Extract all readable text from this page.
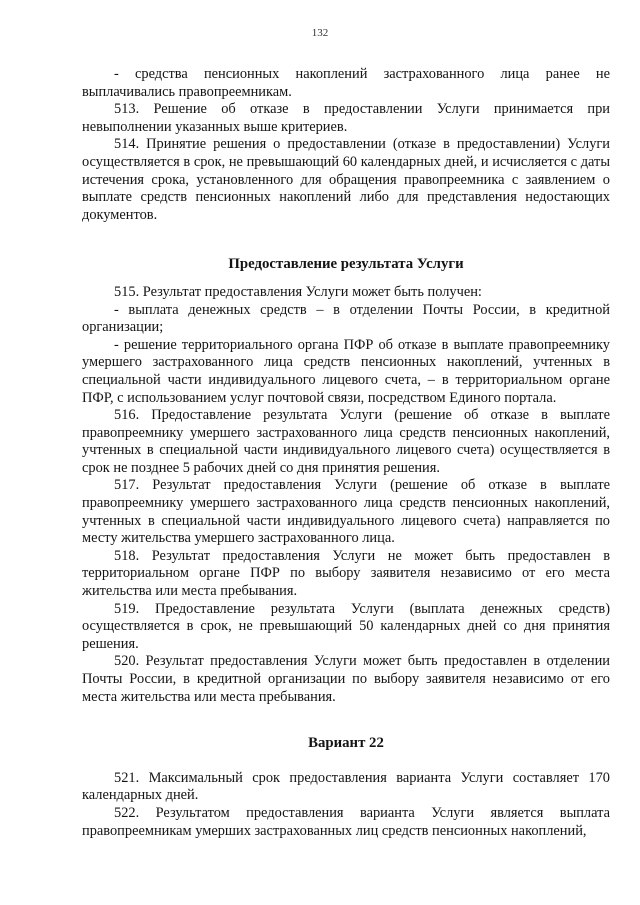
132

- средства пенсионных накоплений застрахованного лица ранее не выплачивались правопреемникам.

513. Решение об отказе в предоставлении Услуги принимается при невыполнении указанных выше критериев.

514. Принятие решения о предоставлении (отказе в предоставлении) Услуги осуществляется в срок, не превышающий 60 календарных дней, и исчисляется с даты истечения срока, установленного для обращения правопреемника с заявлением о выплате средств пенсионных накоплений либо для представления недостающих документов.

Предоставление результата Услуги

515. Результат предоставления Услуги может быть получен:

- выплата денежных средств – в отделении Почты России, в кредитной организации;

- решение территориального органа ПФР об отказе в выплате правопреемнику умершего застрахованного лица средств пенсионных накоплений, учтенных в специальной части индивидуального лицевого счета, – в территориальном органе ПФР, с использованием услуг почтовой связи, посредством Единого портала.

516. Предоставление результата Услуги (решение об отказе в выплате правопреемнику умершего застрахованного лица средств пенсионных накоплений, учтенных в специальной части индивидуального лицевого счета) осуществляется в срок не позднее 5 рабочих дней со дня принятия решения.

517. Результат предоставления Услуги (решение об отказе в выплате правопреемнику умершего застрахованного лица средств пенсионных накоплений, учтенных в специальной части индивидуального лицевого счета) направляется по месту жительства умершего застрахованного лица.

518. Результат предоставления Услуги не может быть предоставлен в территориальном органе ПФР по выбору заявителя независимо от его места жительства или места пребывания.

519. Предоставление результата Услуги (выплата денежных средств) осуществляется в срок, не превышающий 50 календарных дней со дня принятия решения.

520. Результат предоставления Услуги может быть предоставлен в отделении Почты России, в кредитной организации по выбору заявителя независимо от его места жительства или места пребывания.

Вариант 22

521. Максимальный срок предоставления варианта Услуги составляет 170 календарных дней.

522. Результатом предоставления варианта Услуги является выплата правопреемникам умерших застрахованных лиц средств пенсионных накоплений,
